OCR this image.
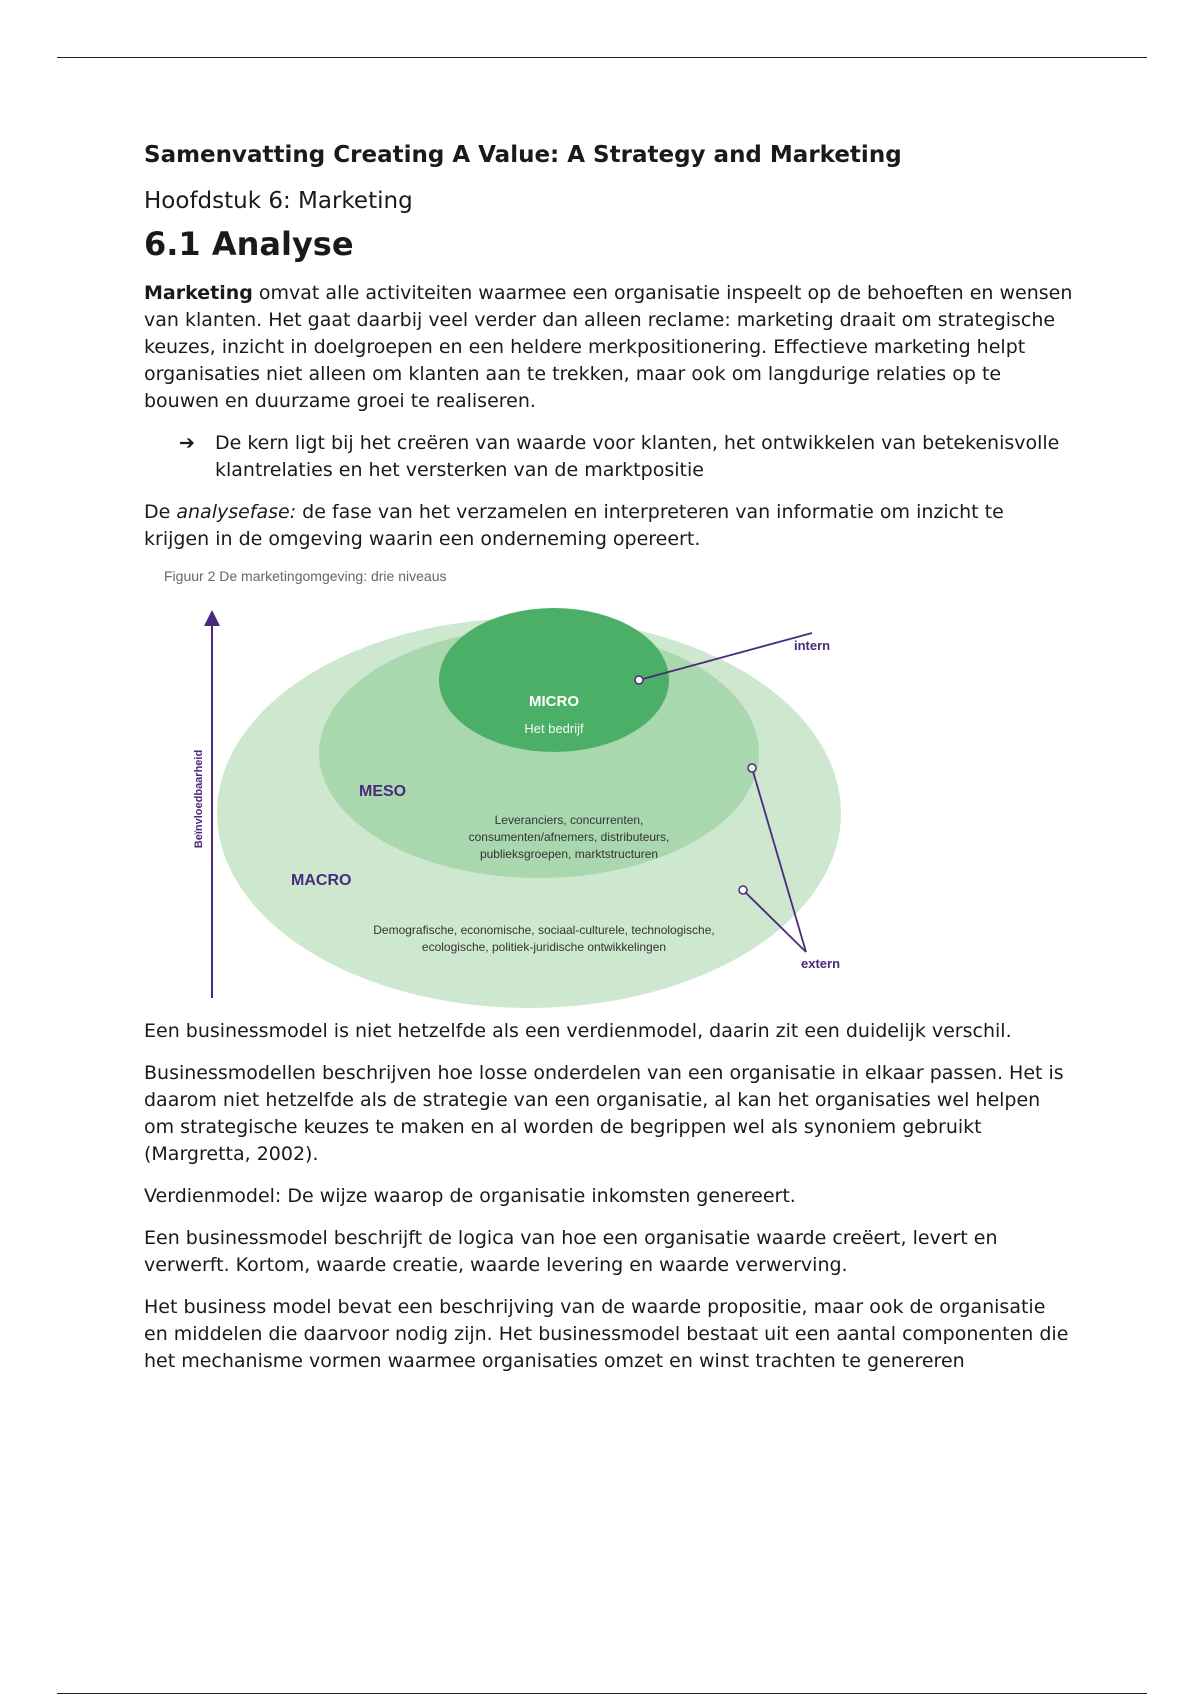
Samenvatting Creating A Value: A Strategy and Marketing
Hoofdstuk 6: Marketing
6.1 Analyse

Marketing omvat alle activiteiten waarmee een organisatie inspeelt op de behoeften en wensen van klanten. Het gaat daarbij veel verder dan alleen reclame: marketing draait om strategische keuzes, inzicht in doelgroepen en een heldere merkpositionering. Effectieve marketing helpt organisaties niet alleen om klanten aan te trekken, maar ook om langdurige relaties op te bouwen en duurzame groei te realiseren.

➔	De kern ligt bij het creëren van waarde voor klanten, het ontwikkelen van betekenisvolle klantrelaties en het versterken van de marktpositie

De analysefase: de fase van het verzamelen en interpreteren van informatie om inzicht te krijgen in de omgeving waarin een onderneming opereert.

Figuur 2 De marketingomgeving: drie niveaus
MICRO
Het bedrijf
MESO
Leveranciers, concurrenten, consumenten/afnemers, distributeurs, publieksgroepen, marktstructuren
MACRO
Demografische, economische, sociaal-culturele, technologische, ecologische, politiek-juridische ontwikkelingen
intern
extern
Beïnvloedbaarheid

Een businessmodel is niet hetzelfde als een verdienmodel, daarin zit een duidelijk verschil.

Businessmodellen beschrijven hoe losse onderdelen van een organisatie in elkaar passen. Het is daarom niet hetzelfde als de strategie van een organisatie, al kan het organisaties wel helpen om strategische keuzes te maken en al worden de begrippen wel als synoniem gebruikt (Margretta, 2002).

Verdienmodel: De wijze waarop de organisatie inkomsten genereert.

Een businessmodel beschrijft de logica van hoe een organisatie waarde creëert, levert en verwerft. Kortom, waarde creatie, waarde levering en waarde verwerving.

Het business model bevat een beschrijving van de waarde propositie, maar ook de organisatie en middelen die daarvoor nodig zijn. Het businessmodel bestaat uit een aantal componenten die het mechanisme vormen waarmee organisaties omzet en winst trachten te genereren
